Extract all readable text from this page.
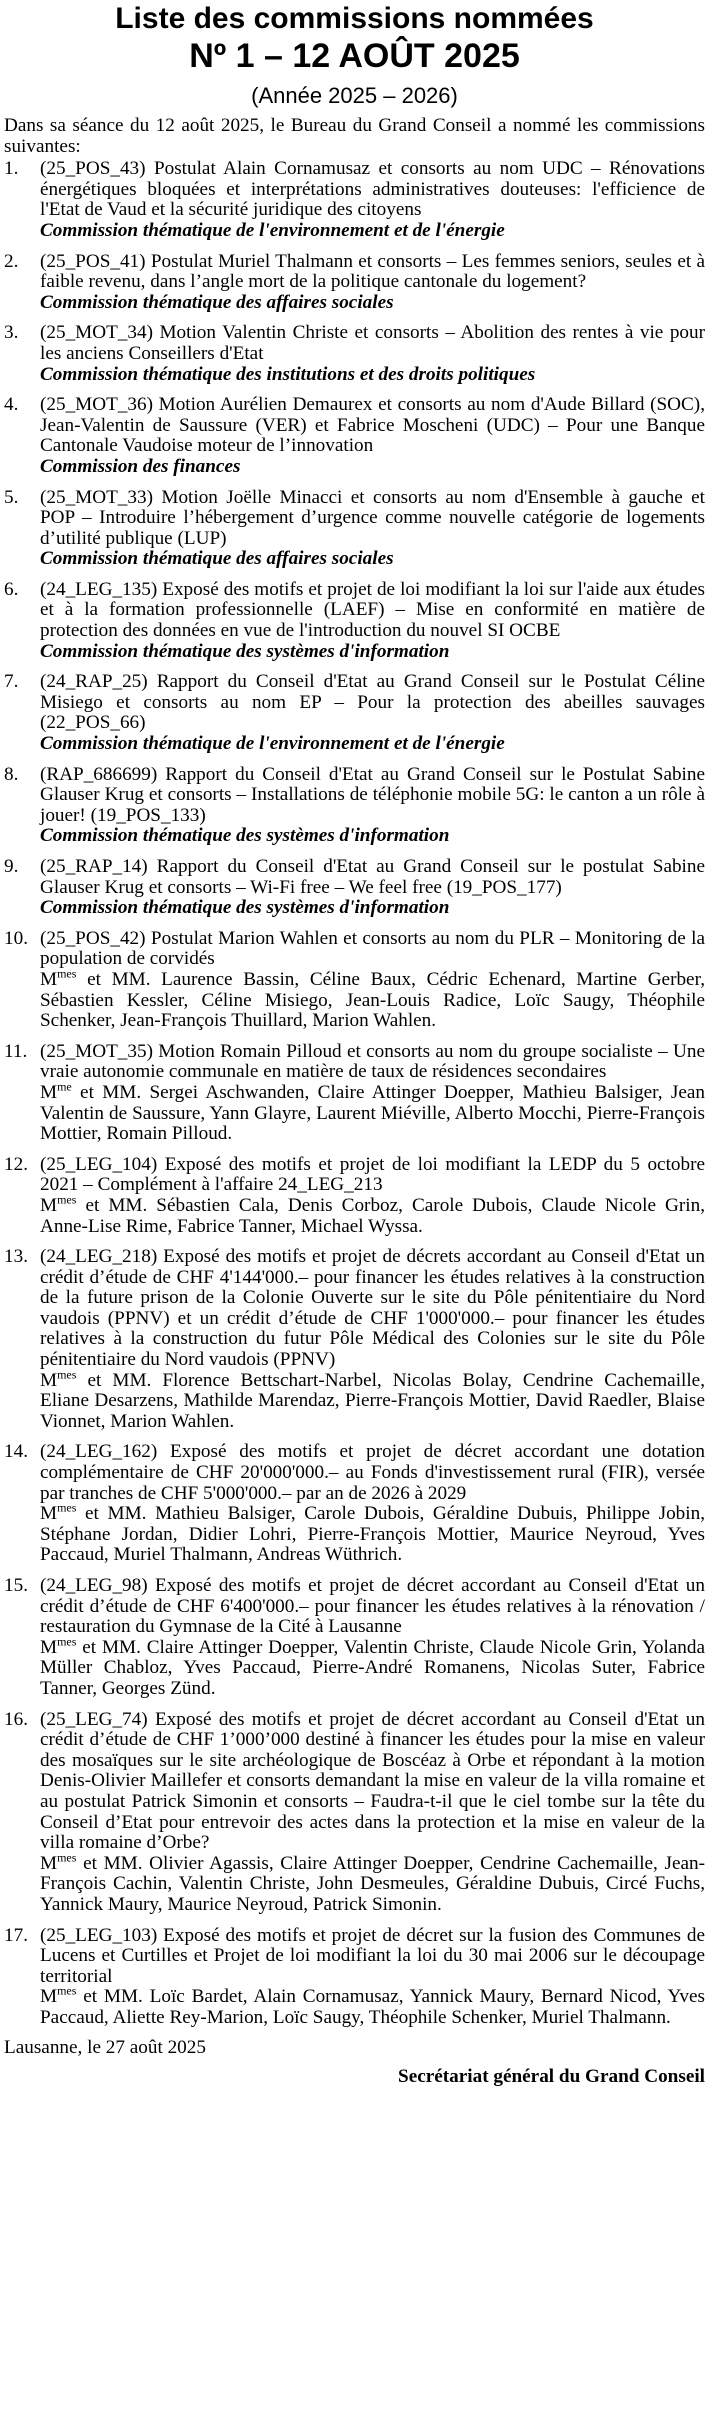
Liste des commissions nommées
Nº 1 – 12 AOÛT 2025
(Année 2025 – 2026)

Dans sa séance du 12 août 2025, le Bureau du Grand Conseil a nommé les commissions suivantes:

1.	(25_POS_43) Postulat Alain Cornamusaz et consorts au nom UDC – Rénovations énergétiques bloquées et interprétations administratives douteuses: l'efficience de l'Etat de Vaud et la sécurité juridique des citoyens
Commission thématique de l'environnement et de l'énergie
2.	(25_POS_41) Postulat Muriel Thalmann et consorts – Les femmes seniors, seules et à faible revenu, dans l’angle mort de la politique cantonale du logement?
Commission thématique des affaires sociales
3.	(25_MOT_34) Motion Valentin Christe et consorts – Abolition des rentes à vie pour les anciens Conseillers d'Etat
Commission thématique des institutions et des droits politiques
4.	(25_MOT_36) Motion Aurélien Demaurex et consorts au nom d'Aude Billard (SOC), Jean-Valentin de Saussure (VER) et Fabrice Moscheni (UDC) – Pour une Banque Cantonale Vaudoise moteur de l’innovation
Commission des finances
5.	(25_MOT_33) Motion Joëlle Minacci et consorts au nom d'Ensemble à gauche et POP – Introduire l’hébergement d’urgence comme nouvelle catégorie de logements d’utilité publique (LUP)
Commission thématique des affaires sociales
6.	(24_LEG_135) Exposé des motifs et projet de loi modifiant la loi sur l'aide aux études et à la formation professionnelle (LAEF) – Mise en conformité en matière de protection des données en vue de l'introduction du nouvel SI OCBE
Commission thématique des systèmes d'information
7.	(24_RAP_25) Rapport du Conseil d'Etat au Grand Conseil sur le Postulat Céline Misiego et consorts au nom EP – Pour la protection des abeilles sauvages (22_POS_66)
Commission thématique de l'environnement et de l'énergie
8.	(RAP_686699) Rapport du Conseil d'Etat au Grand Conseil sur le Postulat Sabine Glauser Krug et consorts – Installations de téléphonie mobile 5G: le canton a un rôle à jouer! (19_POS_133)
Commission thématique des systèmes d'information
9.	(25_RAP_14) Rapport du Conseil d'Etat au Grand Conseil sur le postulat Sabine Glauser Krug et consorts – Wi-Fi free – We feel free (19_POS_177)
Commission thématique des systèmes d'information
10. (25_POS_42) Postulat Marion Wahlen et consorts au nom du PLR – Monitoring de la population de corvidés
$M^{mes}$ et MM. Laurence Bassin, Céline Baux, Cédric Echenard, Martine Gerber, Sébastien Kessler, Céline Misiego, Jean-Louis Radice, Loïc Saugy, Théophile Schenker, Jean-François Thuillard, Marion Wahlen.
11. (25_MOT_35) Motion Romain Pilloud et consorts au nom du groupe socialiste – Une vraie autonomie communale en matière de taux de résidences secondaires
$M^{me}$ et MM. Sergei Aschwanden, Claire Attinger Doepper, Mathieu Balsiger, Jean Valentin de Saussure, Yann Glayre, Laurent Miéville, Alberto Mocchi, Pierre-François Mottier, Romain Pilloud.
12. (25_LEG_104) Exposé des motifs et projet de loi modifiant la LEDP du 5 octobre 2021 – Complément à l'affaire 24_LEG_213
$M^{mes}$ et MM. Sébastien Cala, Denis Corboz, Carole Dubois, Claude Nicole Grin, Anne-Lise Rime, Fabrice Tanner, Michael Wyssa.
13. (24_LEG_218) Exposé des motifs et projet de décrets accordant au Conseil d'Etat un crédit d’étude de CHF 4'144'000.– pour financer les études relatives à la construction de la future prison de la Colonie Ouverte sur le site du Pôle pénitentiaire du Nord vaudois (PPNV) et un crédit d’étude de CHF 1'000'000.– pour financer les études relatives à la construction du futur Pôle Médical des Colonies sur le site du Pôle pénitentiaire du Nord vaudois (PPNV)
$M^{mes}$ et MM. Florence Bettschart-Narbel, Nicolas Bolay, Cendrine Cachemaille, Eliane Desarzens, Mathilde Marendaz, Pierre-François Mottier, David Raedler, Blaise Vionnet, Marion Wahlen.
14. (24_LEG_162) Exposé des motifs et projet de décret accordant une dotation complémentaire de CHF 20'000'000.– au Fonds d'investissement rural (FIR), versée par tranches de CHF 5'000'000.– par an de 2026 à 2029
$M^{mes}$ et MM. Mathieu Balsiger, Carole Dubois, Géraldine Dubuis, Philippe Jobin, Stéphane Jordan, Didier Lohri, Pierre-François Mottier, Maurice Neyroud, Yves Paccaud, Muriel Thalmann, Andreas Wüthrich.
15. (24_LEG_98) Exposé des motifs et projet de décret accordant au Conseil d'Etat un crédit d’étude de CHF 6'400'000.– pour financer les études relatives à la rénovation / restauration du Gymnase de la Cité à Lausanne
$M^{mes}$ et MM. Claire Attinger Doepper, Valentin Christe, Claude Nicole Grin, Yolanda Müller Chabloz, Yves Paccaud, Pierre-André Romanens, Nicolas Suter, Fabrice Tanner, Georges Zünd.
16. (25_LEG_74) Exposé des motifs et projet de décret accordant au Conseil d'Etat un crédit d’étude de CHF 1’000’000 destiné à financer les études pour la mise en valeur des mosaïques sur le site archéologique de Boscéaz à Orbe et répondant à la motion Denis-Olivier Maillefer et consorts demandant la mise en valeur de la villa romaine et au postulat Patrick Simonin et consorts – Faudra-t-il que le ciel tombe sur la tête du Conseil d’Etat pour entrevoir des actes dans la protection et la mise en valeur de la villa romaine d’Orbe?
$M^{mes}$ et MM. Olivier Agassis, Claire Attinger Doepper, Cendrine Cachemaille, Jean-François Cachin, Valentin Christe, John Desmeules, Géraldine Dubuis, Circé Fuchs, Yannick Maury, Maurice Neyroud, Patrick Simonin.
17. (25_LEG_103) Exposé des motifs et projet de décret sur la fusion des Communes de Lucens et Curtilles et Projet de loi modifiant la loi du 30 mai 2006 sur le découpage territorial
$M^{mes}$ et MM. Loïc Bardet, Alain Cornamusaz, Yannick Maury, Bernard Nicod, Yves Paccaud, Aliette Rey-Marion, Loïc Saugy, Théophile Schenker, Muriel Thalmann.
Lausanne, le 27 août 2025
Secrétariat général du Grand Conseil
